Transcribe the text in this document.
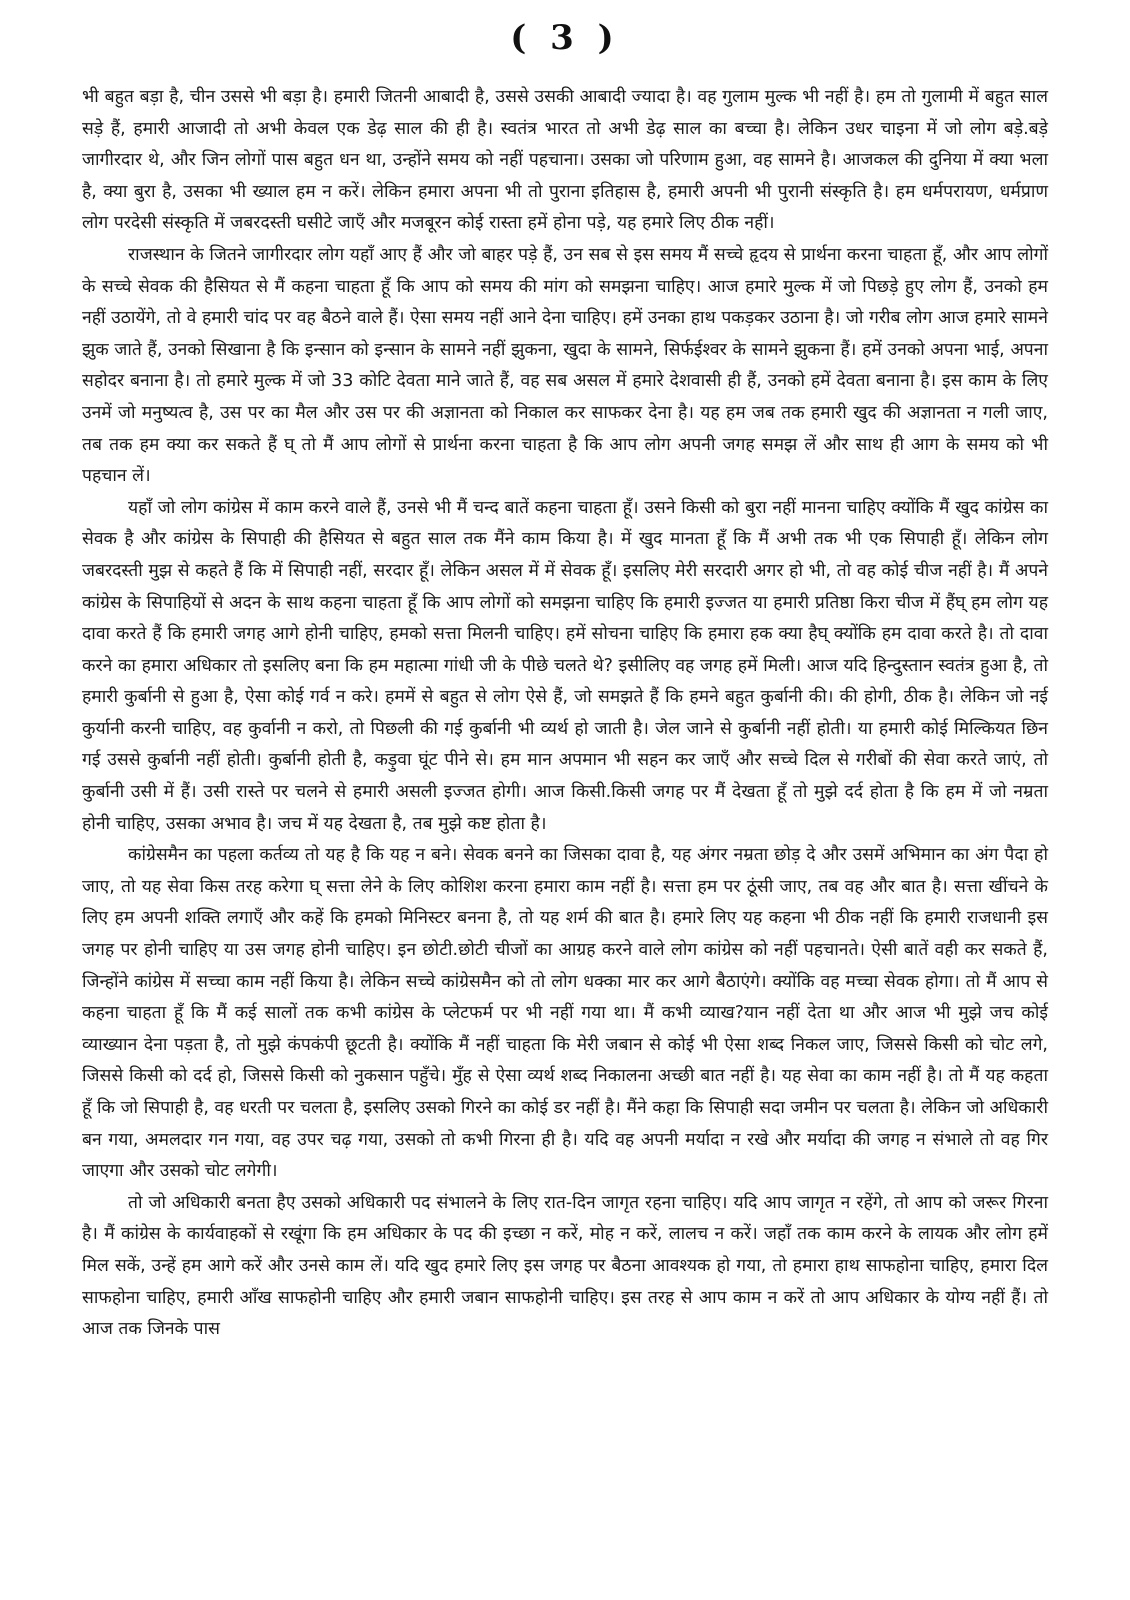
( 3 )

भी बहुत बड़ा है, चीन उससे भी बड़ा है। हमारी जितनी आबादी है, उससे उसकी आबादी ज्यादा है। वह गुलाम मुल्क भी नहीं है। हम तो गुलामी में बहुत साल सड़े हैं, हमारी आजादी तो अभी केवल एक डेढ़ साल की ही है। स्वतंत्र भारत तो अभी डेढ़ साल का बच्चा है। लेकिन उधर चाइना में जो लोग बड़े.बड़े जागीरदार थे, और जिन लोगों पास बहुत धन था, उन्होंने समय को नहीं पहचाना। उसका जो परिणाम हुआ, वह सामने है। आजकल की दुनिया में क्या भला है, क्या बुरा है, उसका भी ख्याल हम न करें। लेकिन हमारा अपना भी तो पुराना इतिहास है, हमारी अपनी भी पुरानी संस्कृति है। हम धर्मपरायण, धर्मप्राण लोग परदेसी संस्कृति में जबरदस्ती घसीटे जाएँ और मजबूरन कोई रास्ता हमें होना पड़े, यह हमारे लिए ठीक नहीं।

राजस्थान के जितने जागीरदार लोग यहाँ आए हैं और जो बाहर पड़े हैं, उन सब से इस समय मैं सच्चे हृदय से प्रार्थना करना चाहता हूँ, और आप लोगों के सच्चे सेवक की हैसियत से मैं कहना चाहता हूँ कि आप को समय की मांग को समझना चाहिए। आज हमारे मुल्क में जो पिछड़े हुए लोग हैं, उनको हम नहीं उठायेंगे, तो वे हमारी चांद पर वह बैठने वाले हैं। ऐसा समय नहीं आने देना चाहिए। हमें उनका हाथ पकड़कर उठाना है। जो गरीब लोग आज हमारे सामने झुक जाते हैं, उनको सिखाना है कि इन्सान को इन्सान के सामने नहीं झुकना, खुदा के सामने, सिर्फईश्वर के सामने झुकना हैं। हमें उनको अपना भाई, अपना सहोदर बनाना है। तो हमारे मुल्क में जो 33 कोटि देवता माने जाते हैं, वह सब असल में हमारे देशवासी ही हैं, उनको हमें देवता बनाना है। इस काम के लिए उनमें जो मनुष्यत्व है, उस पर का मैल और उस पर की अज्ञानता को निकाल कर साफकर देना है। यह हम जब तक हमारी खुद की अज्ञानता न गली जाए, तब तक हम क्या कर सकते हैं घ् तो मैं आप लोगों से प्रार्थना करना चाहता है कि आप लोग अपनी जगह समझ लें और साथ ही आग के समय को भी पहचान लें।

यहाँ जो लोग कांग्रेस में काम करने वाले हैं, उनसे भी मैं चन्द बातें कहना चाहता हूँ। उसने किसी को बुरा नहीं मानना चाहिए क्योंकि मैं खुद कांग्रेस का सेवक है और कांग्रेस के सिपाही की हैसियत से बहुत साल तक मैंने काम किया है। में खुद मानता हूँ कि मैं अभी तक भी एक सिपाही हूँ। लेकिन लोग जबरदस्ती मुझ से कहते हैं कि में सिपाही नहीं, सरदार हूँ। लेकिन असल में में सेवक हूँ। इसलिए मेरी सरदारी अगर हो भी, तो वह कोई चीज नहीं है। मैं अपने कांग्रेस के सिपाहियों से अदन के साथ कहना चाहता हूँ कि आप लोगों को समझना चाहिए कि हमारी इज्जत या हमारी प्रतिष्ठा किरा चीज में हैंघ् हम लोग यह दावा करते हैं कि हमारी जगह आगे होनी चाहिए, हमको सत्ता मिलनी चाहिए। हमें सोचना चाहिए कि हमारा हक क्या हैघ् क्योंकि हम दावा करते है। तो दावा करने का हमारा अधिकार तो इसलिए बना कि हम महात्मा गांधी जी के पीछे चलते थे? इसीलिए वह जगह हमें मिली। आज यदि हिन्दुस्तान स्वतंत्र हुआ है, तो हमारी कुर्बानी से हुआ है, ऐसा कोई गर्व न करे। हममें से बहुत से लोग ऐसे हैं, जो समझते हैं कि हमने बहुत कुर्बानी की। की होगी, ठीक है। लेकिन जो नई कुर्यानी करनी चाहिए, वह कुर्वानी न करो, तो पिछली की गई कुर्बानी भी व्यर्थ हो जाती है। जेल जाने से कुर्बानी नहीं होती। या हमारी कोई मिल्कियत छिन गई उससे कुर्बानी नहीं होती। कुर्बानी होती है, कड़ुवा घूंट पीने से। हम मान अपमान भी सहन कर जाएँ और सच्चे दिल से गरीबों की सेवा करते जाएं, तो कुर्बानी उसी में हैं। उसी रास्ते पर चलने से हमारी असली इज्जत होगी। आज किसी.किसी जगह पर मैं देखता हूँ तो मुझे दर्द होता है कि हम में जो नम्रता होनी चाहिए, उसका अभाव है। जच में यह देखता है, तब मुझे कष्ट होता है।

कांग्रेसमैन का पहला कर्तव्य तो यह है कि यह न बने। सेवक बनने का जिसका दावा है, यह अंगर नम्रता छोड़ दे और उसमें अभिमान का अंग पैदा हो जाए, तो यह सेवा किस तरह करेगा घ् सत्ता लेने के लिए कोशिश करना हमारा काम नहीं है। सत्ता हम पर ठूंसी जाए, तब वह और बात है। सत्ता खींचने के लिए हम अपनी शक्ति लगाएँ और कहें कि हमको मिनिस्टर बनना है, तो यह शर्म की बात है। हमारे लिए यह कहना भी ठीक नहीं कि हमारी राजधानी इस जगह पर होनी चाहिए या उस जगह होनी चाहिए। इन छोटी.छोटी चीजों का आग्रह करने वाले लोग कांग्रेस को नहीं पहचानते। ऐसी बातें वही कर सकते हैं, जिन्होंने कांग्रेस में सच्चा काम नहीं किया है। लेकिन सच्चे कांग्रेसमैन को तो लोग धक्का मार कर आगे बैठाएंगे। क्योंकि वह मच्चा सेवक होगा। तो मैं आप से कहना चाहता हूँ कि मैं कई सालों तक कभी कांग्रेस के प्लेटफर्म पर भी नहीं गया था। मैं कभी व्याख?यान नहीं देता था और आज भी मुझे जच कोई व्याख्यान देना पड़ता है, तो मुझे कंपकंपी छूटती है। क्योंकि मैं नहीं चाहता कि मेरी जबान से कोई भी ऐसा शब्द निकल जाए, जिससे किसी को चोट लगे, जिससे किसी को दर्द हो, जिससे किसी को नुकसान पहुँचे। मुँह से ऐसा व्यर्थ शब्द निकालना अच्छी बात नहीं है। यह सेवा का काम नहीं है। तो मैं यह कहता हूँ कि जो सिपाही है, वह धरती पर चलता है, इसलिए उसको गिरने का कोई डर नहीं है। मैंने कहा कि सिपाही सदा जमीन पर चलता है। लेकिन जो अधिकारी बन गया, अमलदार गन गया, वह उपर चढ़ गया, उसको तो कभी गिरना ही है। यदि वह अपनी मर्यादा न रखे और मर्यादा की जगह न संभाले तो वह गिर जाएगा और उसको चोट लगेगी।

तो जो अधिकारी बनता हैए उसको अधिकारी पद संभालने के लिए रात-दिन जागृत रहना चाहिए। यदि आप जागृत न रहेंगे, तो आप को जरूर गिरना है। मैं कांग्रेस के कार्यवाहकों से रखूंगा कि हम अधिकार के पद की इच्छा न करें, मोह न करें, लालच न करें। जहाँ तक काम करने के लायक और लोग हमें मिल सकें, उन्हें हम आगे करें और उनसे काम लें। यदि खुद हमारे लिए इस जगह पर बैठना आवश्यक हो गया, तो हमारा हाथ साफहोना चाहिए, हमारा दिल साफहोना चाहिए, हमारी आँख साफहोनी चाहिए और हमारी जबान साफहोनी चाहिए। इस तरह से आप काम न करें तो आप अधिकार के योग्य नहीं हैं। तो आज तक जिनके पास
